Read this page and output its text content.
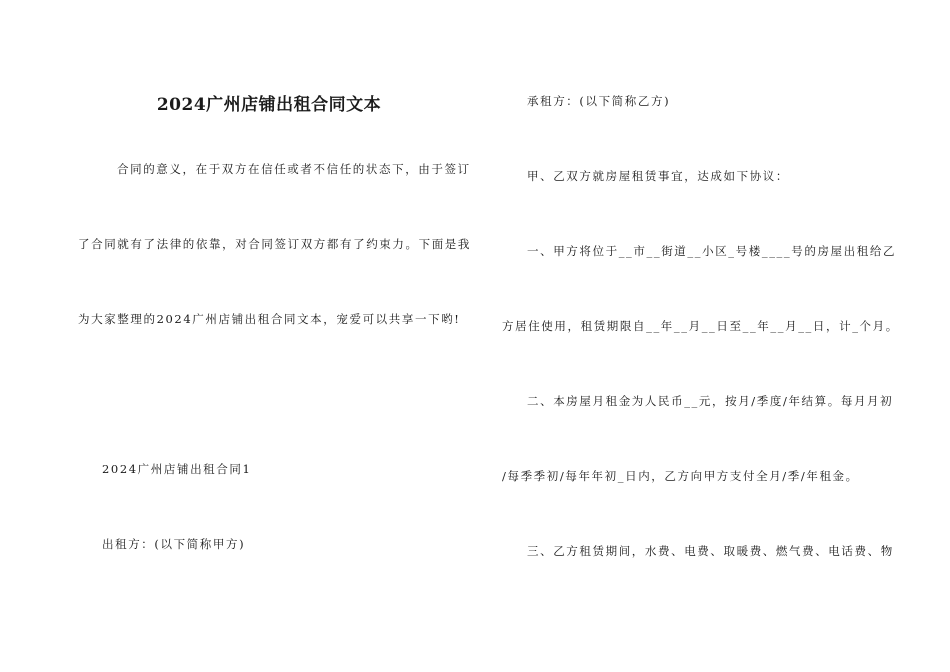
2024广州店铺出租合同文本
合同的意义，在于双方在信任或者不信任的状态下，由于签订
了合同就有了法律的依靠，对合同签订双方都有了约束力。下面是我
为大家整理的2024广州店铺出租合同文本，宠爱可以共享一下哟!
2024广州店铺出租合同1
出租方：(以下简称甲方)
承租方：(以下简称乙方)
甲、乙双方就房屋租赁事宜，达成如下协议：
一、甲方将位于__市__街道__小区_号楼____号的房屋出租给乙
方居住使用，租赁期限自__年__月__日至__年__月__日，计_个月。
二、本房屋月租金为人民币__元，按月/季度/年结算。每月月初
/每季季初/每年年初_日内，乙方向甲方支付全月/季/年租金。
三、乙方租赁期间，水费、电费、取暖费、燃气费、电话费、物
